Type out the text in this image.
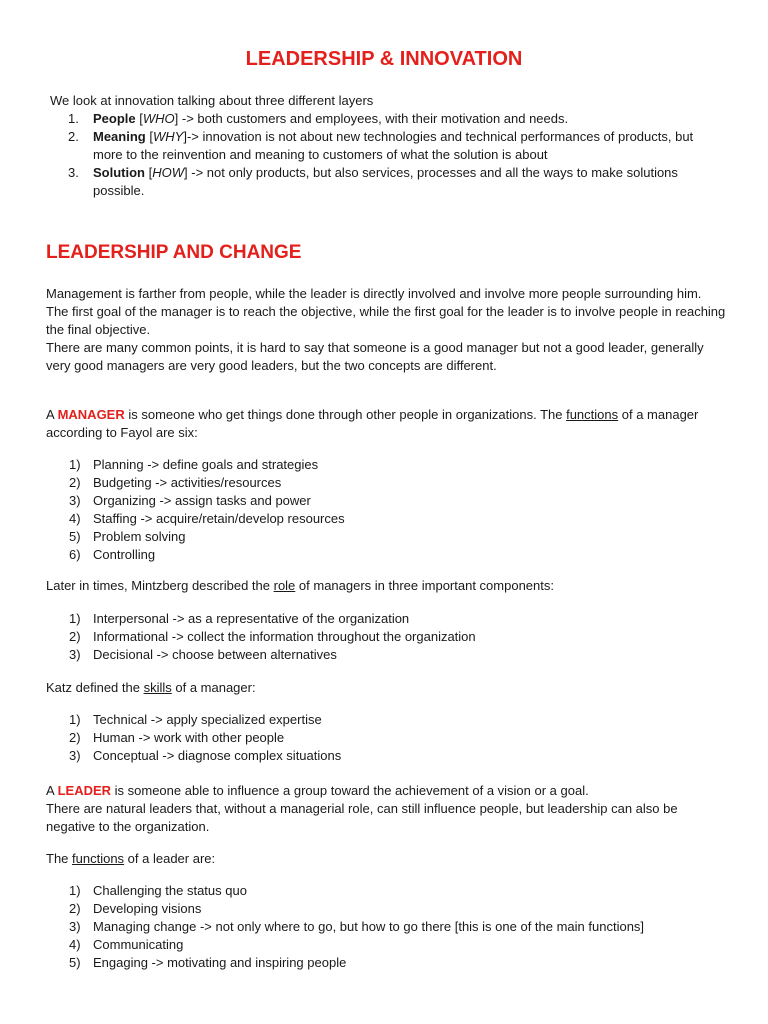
LEADERSHIP & INNOVATION
We look at innovation talking about three different layers
1. People [WHO] -> both customers and employees, with their motivation and needs.
2. Meaning [WHY]-> innovation is not about new technologies and technical performances of products, but more to the reinvention and meaning to customers of what the solution is about
3. Solution [HOW] -> not only products, but also services, processes and all the ways to make solutions possible.
LEADERSHIP AND CHANGE
Management is farther from people, while the leader is directly involved and involve more people surrounding him. The first goal of the manager is to reach the objective, while the first goal for the leader is to involve people in reaching the final objective.
There are many common points, it is hard to say that someone is a good manager but not a good leader, generally very good managers are very good leaders, but the two concepts are different.
A MANAGER is someone who get things done through other people in organizations. The functions of a manager according to Fayol are six:
1) Planning -> define goals and strategies
2) Budgeting -> activities/resources
3) Organizing -> assign tasks and power
4) Staffing -> acquire/retain/develop resources
5) Problem solving
6) Controlling
Later in times, Mintzberg described the role of managers in three important components:
1) Interpersonal -> as a representative of the organization
2) Informational -> collect the information throughout the organization
3) Decisional -> choose between alternatives
Katz defined the skills of a manager:
1) Technical -> apply specialized expertise
2) Human -> work with other people
3) Conceptual -> diagnose complex situations
A LEADER is someone able to influence a group toward the achievement of a vision or a goal.
There are natural leaders that, without a managerial role, can still influence people, but leadership can also be negative to the organization.
The functions of a leader are:
1) Challenging the status quo
2) Developing visions
3) Managing change -> not only where to go, but how to go there [this is one of the main functions]
4) Communicating
5) Engaging -> motivating and inspiring people
